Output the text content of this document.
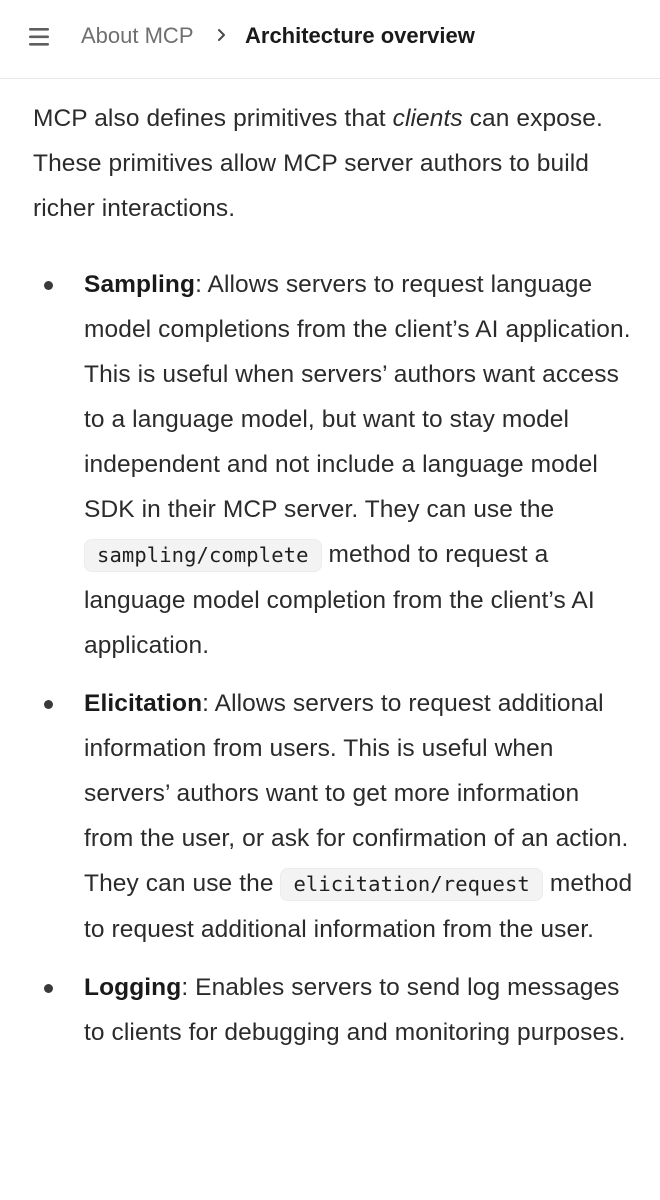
About MCP Architecture overview

MCP also defines primitives that clients can expose. These primitives allow MCP server authors to build richer interactions.

Sampling: Allows servers to request language model completions from the client’s AI application. This is useful when servers’ authors want access to a language model, but want to stay model independent and not include a language model SDK in their MCP server. They can use the sampling/complete method to request a language model completion from the client’s AI application.
Elicitation: Allows servers to request additional information from users. This is useful when servers’ authors want to get more information from the user, or ask for confirmation of an action. They can use the elicitation/request method to request additional information from the user.
Logging: Enables servers to send log messages to clients for debugging and monitoring purposes.
